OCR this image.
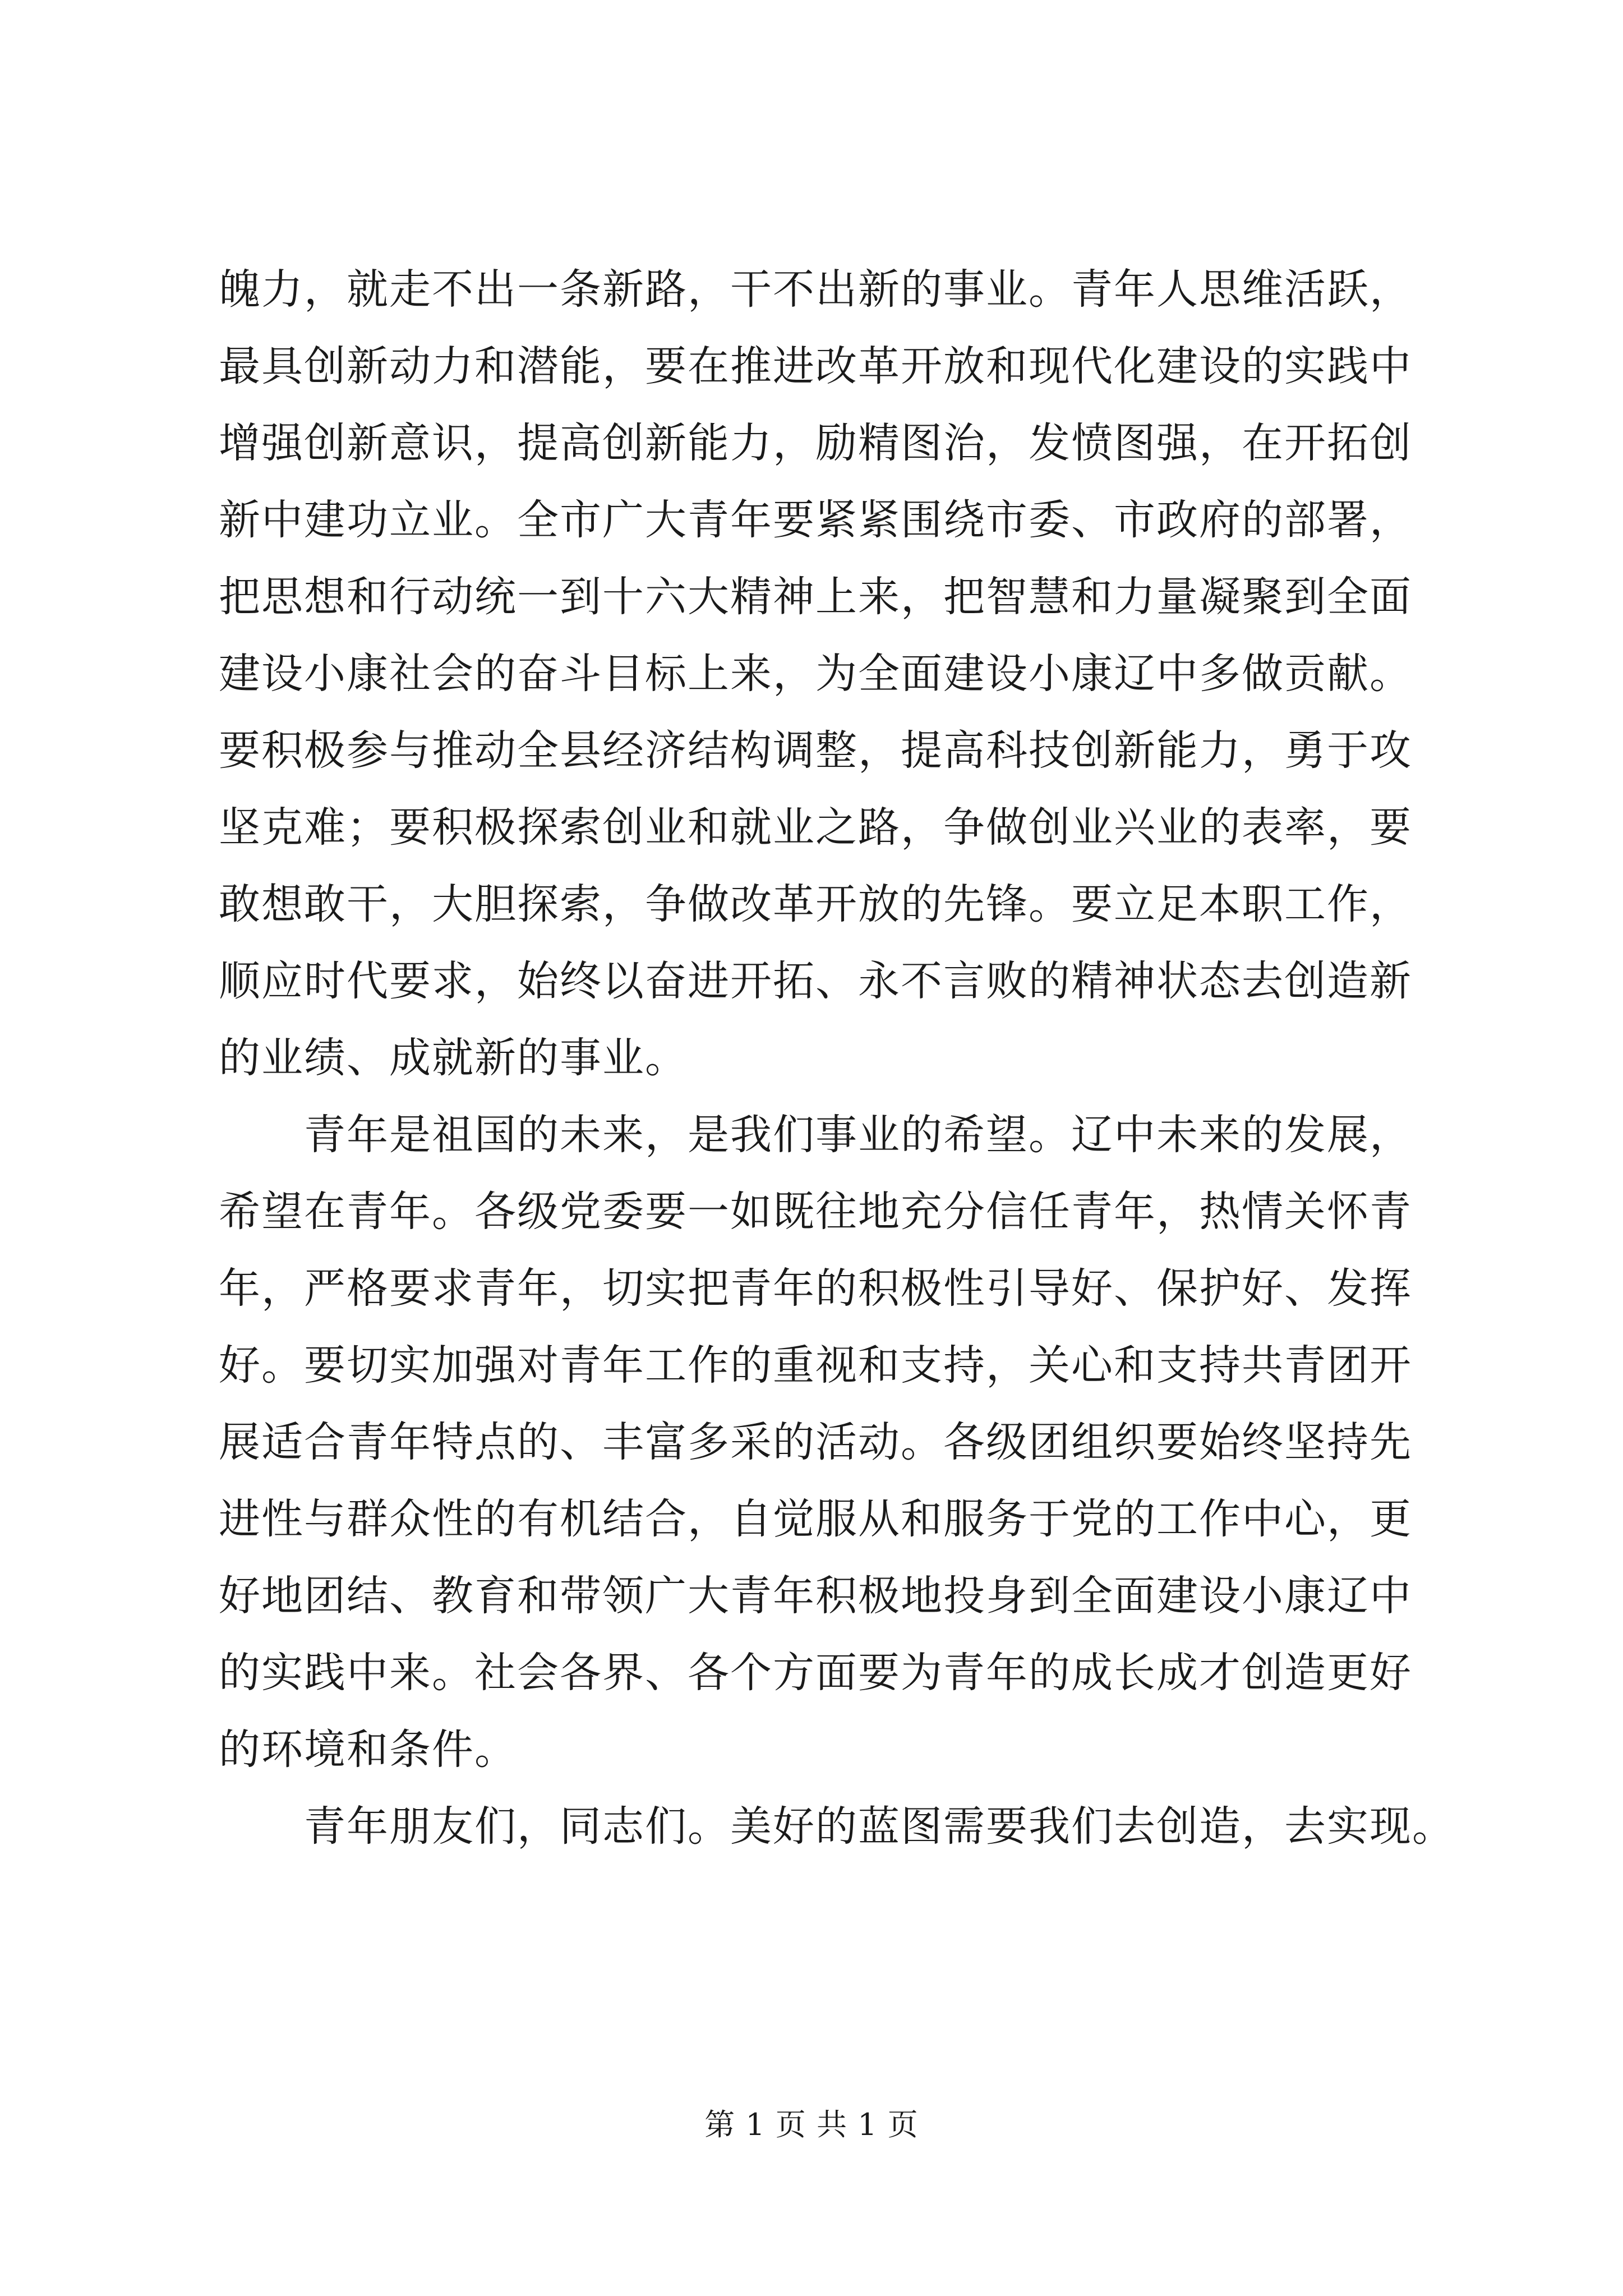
魄力，就走不出一条新路，干不出新的事业。青年人思维活跃，
最具创新动力和潜能，要在推进改革开放和现代化建设的实践中
增强创新意识，提高创新能力，励精图治，发愤图强，在开拓创
新中建功立业。全市广大青年要紧紧围绕市委、市政府的部署，
把思想和行动统一到十六大精神上来，把智慧和力量凝聚到全面
建设小康社会的奋斗目标上来，为全面建设小康辽中多做贡献。
要积极参与推动全县经济结构调整，提高科技创新能力，勇于攻
坚克难；要积极探索创业和就业之路，争做创业兴业的表率，要
敢想敢干，大胆探索，争做改革开放的先锋。要立足本职工作，
顺应时代要求，始终以奋进开拓、永不言败的精神状态去创造新
的业绩、成就新的事业。
　　青年是祖国的未来，是我们事业的希望。辽中未来的发展，
希望在青年。各级党委要一如既往地充分信任青年，热情关怀青
年，严格要求青年，切实把青年的积极性引导好、保护好、发挥
好。要切实加强对青年工作的重视和支持，关心和支持共青团开
展适合青年特点的、丰富多采的活动。各级团组织要始终坚持先
进性与群众性的有机结合，自觉服从和服务于党的工作中心，更
好地团结、教育和带领广大青年积极地投身到全面建设小康辽中
的实践中来。社会各界、各个方面要为青年的成长成才创造更好
的环境和条件。
　　青年朋友们，同志们。美好的蓝图需要我们去创造，去实现。
第 1 页 共 1 页
